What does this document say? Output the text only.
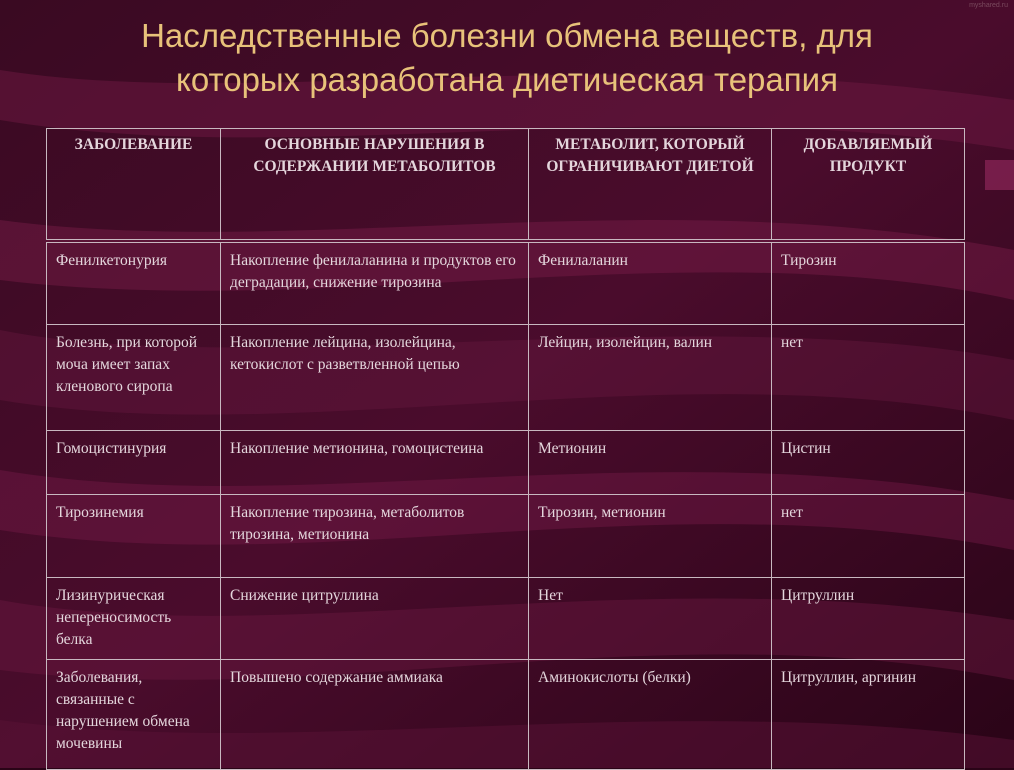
myshared.ru
Наследственные болезни обмена веществ, для
которых разработана диетическая терапия
ЗАБОЛЕВАНИЕ	ОСНОВНЫЕ НАРУШЕНИЯ В СОДЕРЖАНИИ МЕТАБОЛИТОВ	МЕТАБОЛИТ, КОТОРЫЙ ОГРАНИЧИВАЮТ ДИЕТОЙ	ДОБАВЛЯЕМЫЙ ПРОДУКТ
Фенилкетонурия	Накопление фенилаланина и продуктов его деградации, снижение тирозина	Фенилаланин	Тирозин
Болезнь, при которой моча имеет запах кленового сиропа	Накопление лейцина, изолейцина, кетокислот с разветвленной цепью	Лейцин, изолейцин, валин	нет
Гомоцистинурия	Накопление метионина, гомоцистеина	Метионин	Цистин
Тирозинемия	Накопление тирозина, метаболитов тирозина, метионина	Тирозин, метионин	нет
Лизинурическая непереносимость белка	Снижение цитруллина	Нет	Цитруллин
Заболевания, связанные с нарушением обмена мочевины	Повышено содержание аммиака	Аминокислоты (белки)	Цитруллин, аргинин
